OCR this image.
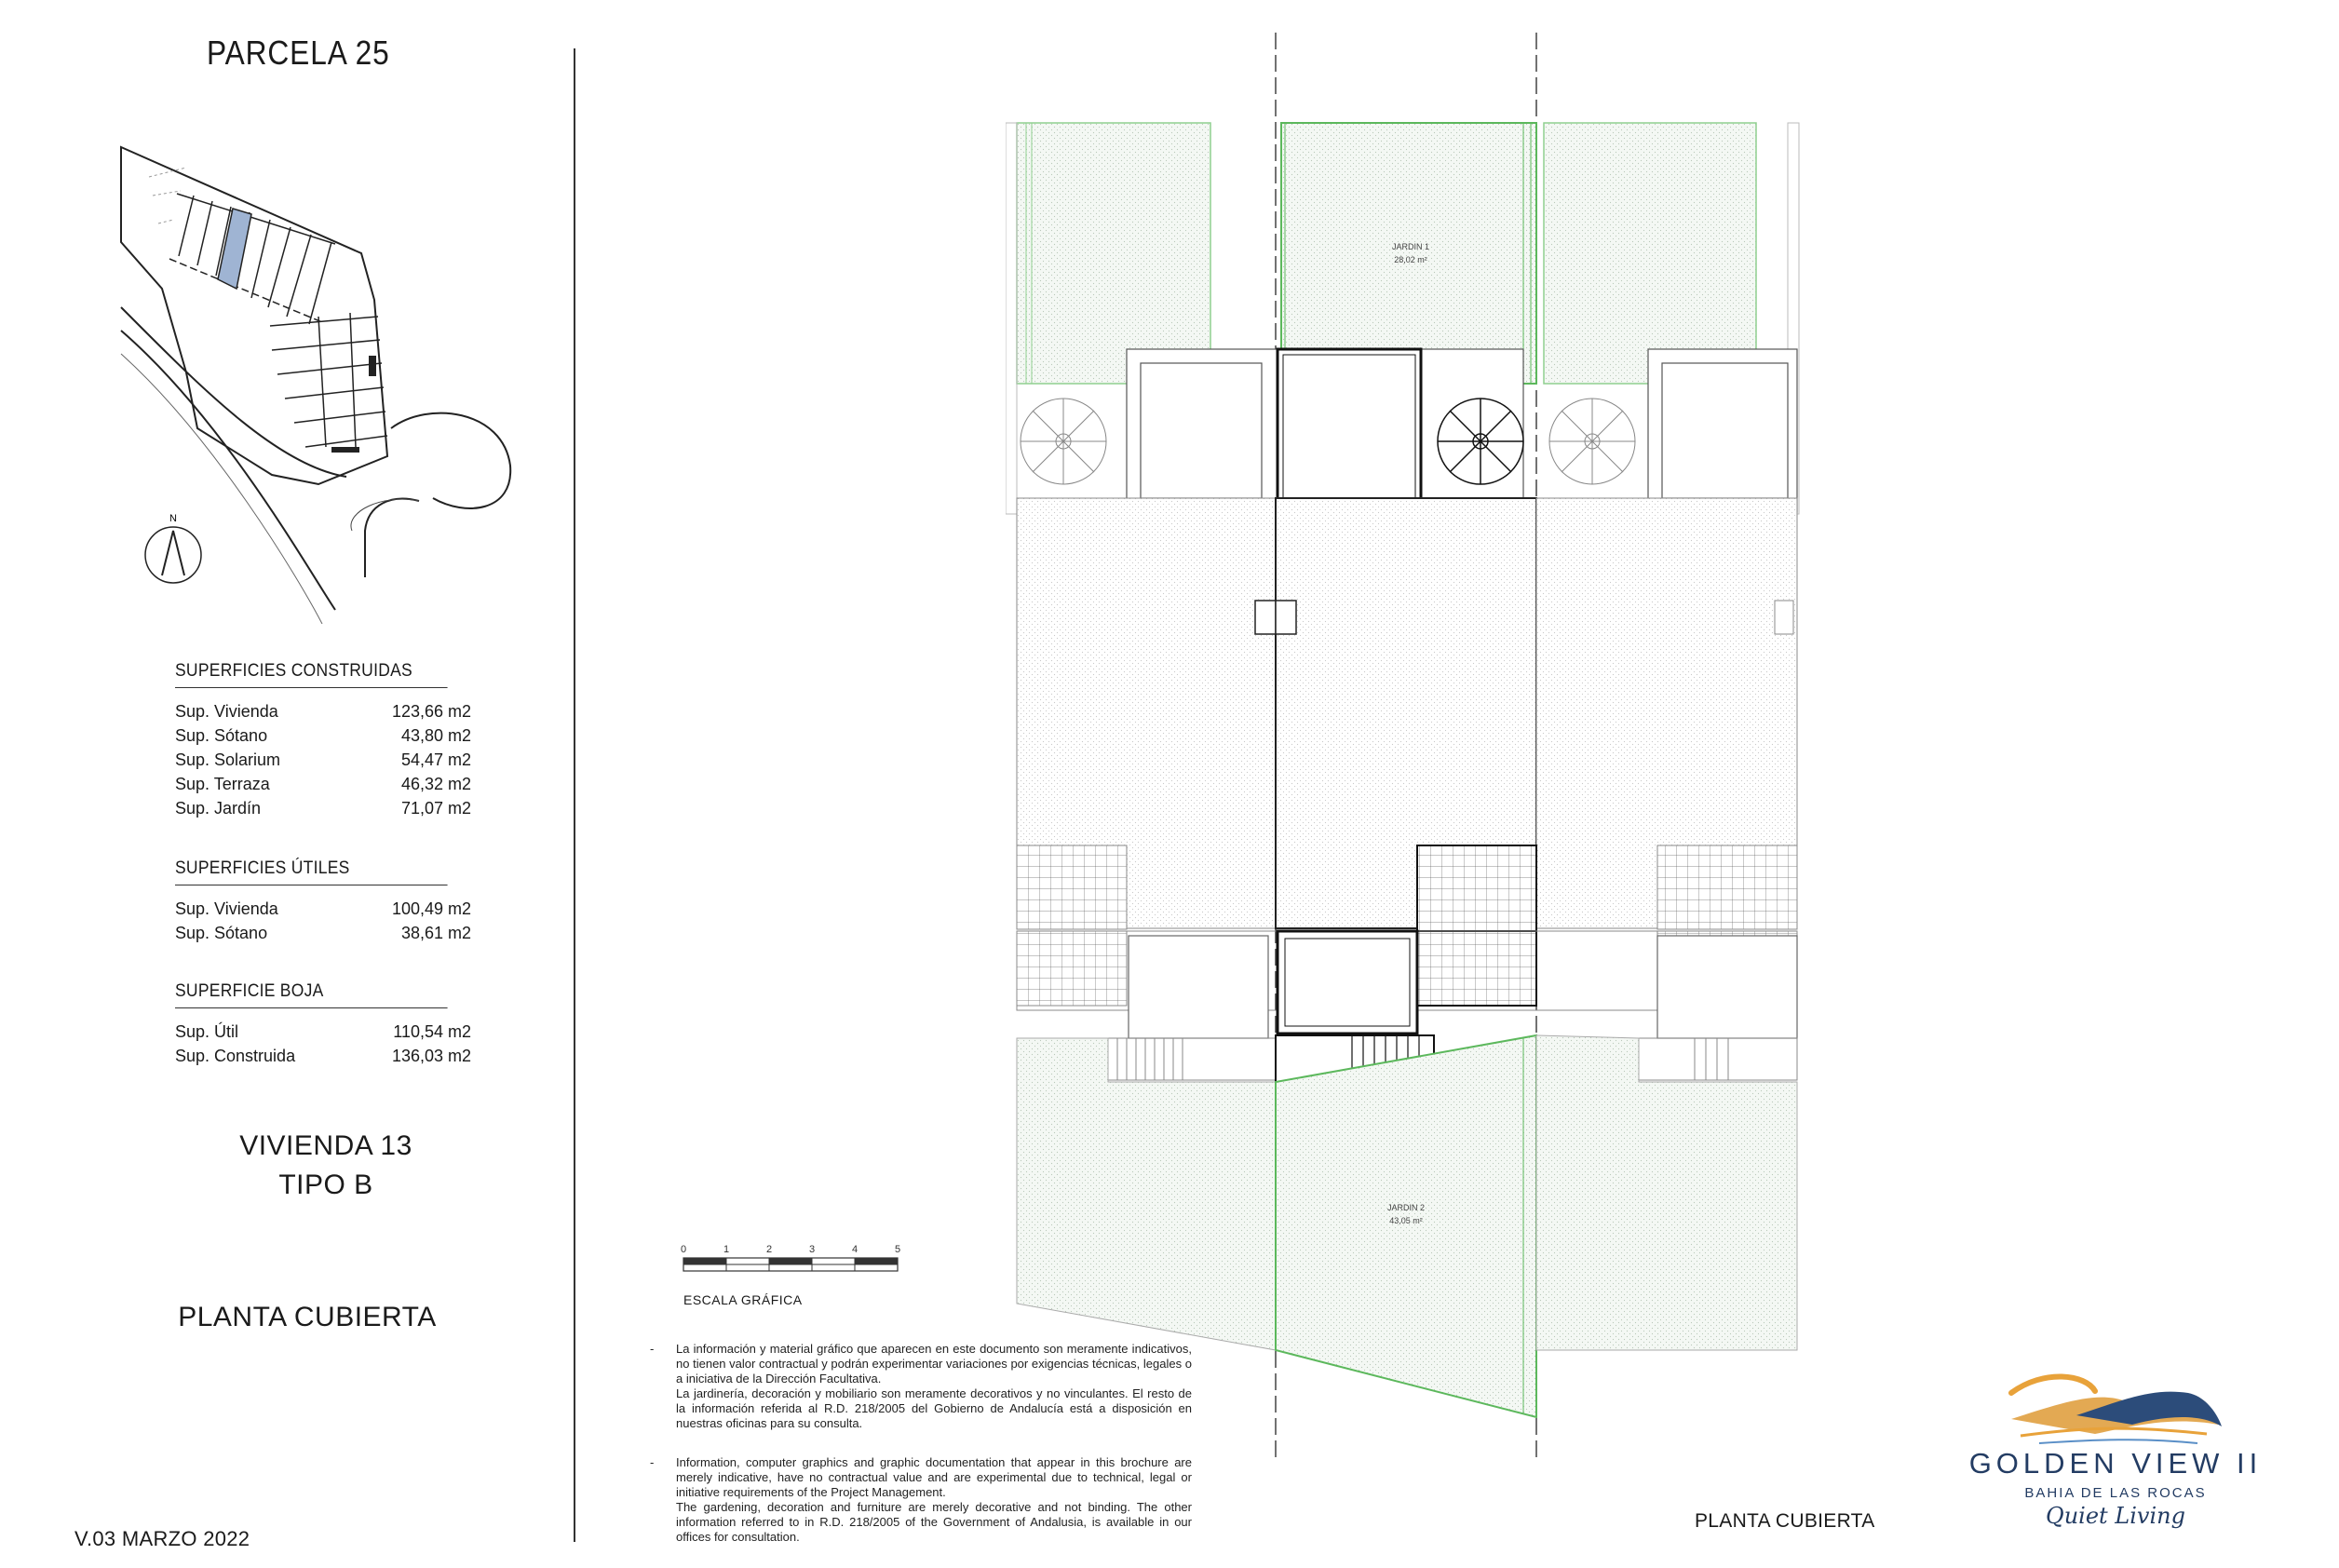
PARCELA 25
N
SUPERFICIES CONSTRUIDAS
Sup. Vivienda	123,66 m2
Sup. Sótano	43,80 m2
Sup. Solarium	54,47 m2
Sup. Terraza	46,32 m2
Sup. Jardín	71,07 m2
SUPERFICIES ÚTILES
Sup. Vivienda	100,49 m2
Sup. Sótano	38,61 m2
SUPERFICIE BOJA
Sup. Útil	110,54 m2
Sup. Construida	136,03 m2
VIVIENDA 13
TIPO B
PLANTA CUBIERTA
V.03 MARZO 2022
JARDIN 1
28,02 m²
JARDIN 2
43,05 m²
0	1	2	3	4	5
ESCALA GRÁFICA
- La información y material gráfico que aparecen en este documento son meramente indicativos, no tienen valor contractual y podrán experimentar variaciones por exigencias técnicas, legales o a iniciativa de la Dirección Facultativa.
La jardinería, decoración y mobiliario son meramente decorativos y no vinculantes. El resto de la información referida al R.D. 218/2005 del Gobierno de Andalucía está a disposición en nuestras oficinas para su consulta.
- Information, computer graphics and graphic documentation that appear in this brochure are merely indicative, have no contractual value and are experimental due to technical, legal or initiative requirements of the Project Management.
The gardening, decoration and furniture are merely decorative and not binding. The other information referred to in R.D. 218/2005 of the Government of Andalusia, is available in our offices for consultation.
PLANTA CUBIERTA
GOLDEN VIEW II
BAHIA DE LAS ROCAS
Quiet Living
